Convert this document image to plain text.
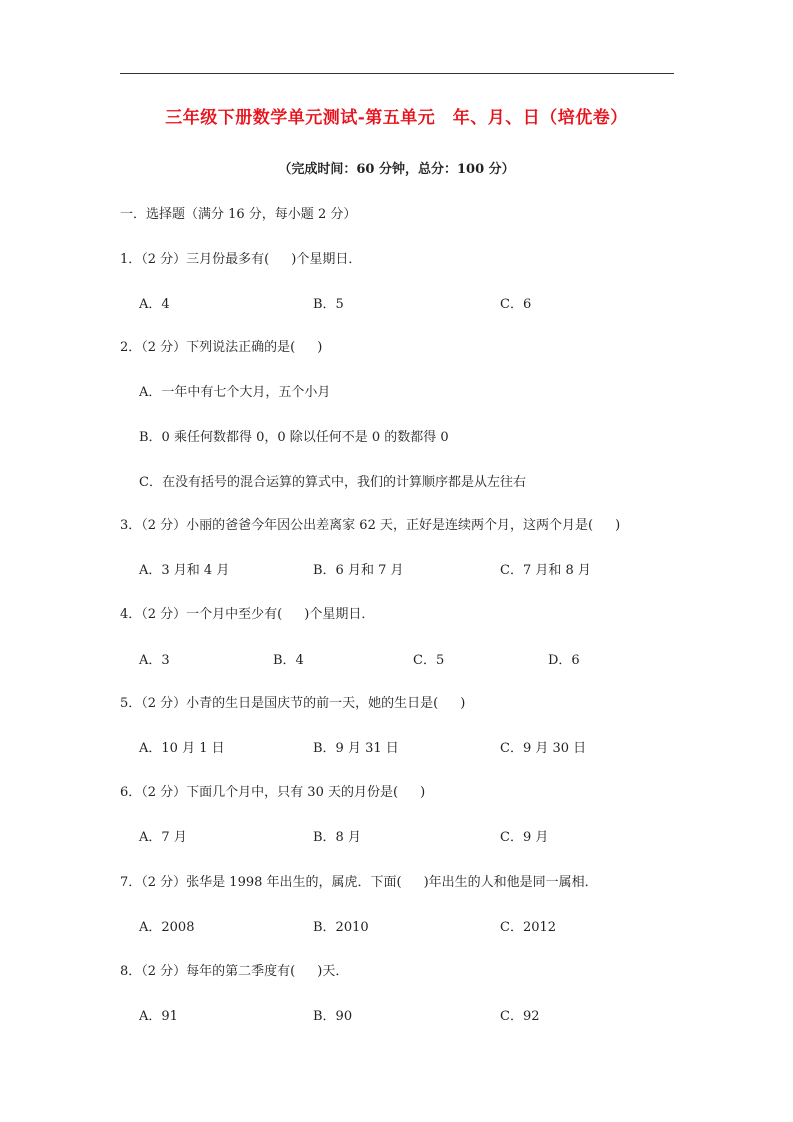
三年级下册数学单元测试-第五单元　年、月、日（培优卷）
（完成时间：60 分钟，总分：100 分）
一．选择题（满分 16 分，每小题 2 分）
1．（2 分）三月份最多有( )个星期日．
A．4	B．5	C．6
2．（2 分）下列说法正确的是( )
A．一年中有七个大月，五个小月
B．0 乘任何数都得 0，0 除以任何不是 0 的数都得 0
C．在没有括号的混合运算的算式中，我们的计算顺序都是从左往右
3．（2 分）小丽的爸爸今年因公出差离家 62 天，正好是连续两个月，这两个月是( )
A．3 月和 4 月	B．6 月和 7 月	C．7 月和 8 月
4．（2 分）一个月中至少有( )个星期日．
A．3	B．4	C．5	D．6
5．（2 分）小青的生日是国庆节的前一天，她的生日是( )
A．10 月 1 日	B．9 月 31 日	C．9 月 30 日
6．（2 分）下面几个月中，只有 30 天的月份是( )
A．7 月	B．8 月	C．9 月
7．（2 分）张华是 1998 年出生的，属虎．下面( )年出生的人和他是同一属相．
A．2008	B．2010	C．2012
8．（2 分）每年的第二季度有( )天．
A．91	B．90	C．92
